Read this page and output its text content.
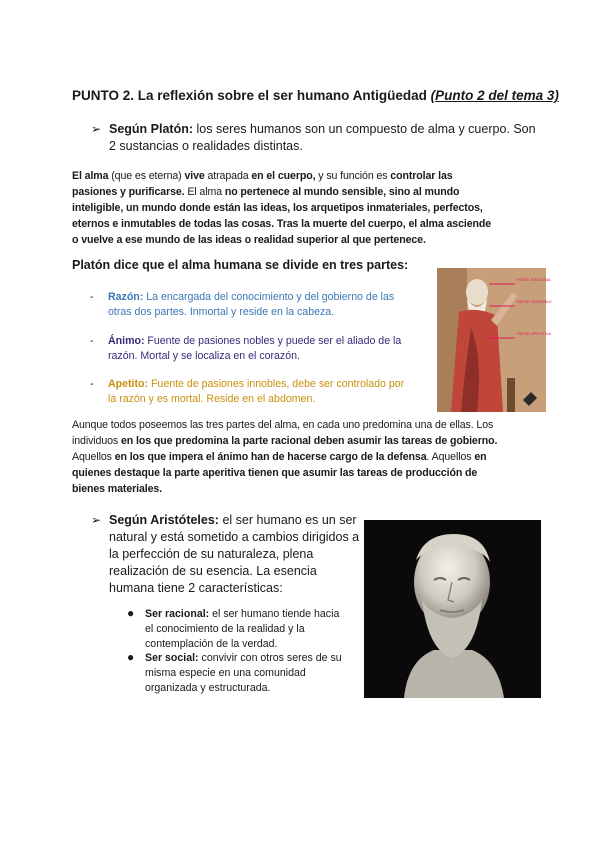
PUNTO 2. La reflexión sobre el ser humano Antigüedad (Punto 2 del tema 3)
➢ Según Platón: los seres humanos son un compuesto de alma y cuerpo. Son
2 sustancias o realidades distintas.
El alma (que es eterna) vive atrapada en el cuerpo, y su función es controlar las
pasiones y purificarse. El alma no pertenece al mundo sensible, sino al mundo
inteligible, un mundo donde están las ideas, los arquetipos inmateriales, perfectos,
eternos e inmutables de todas las cosas. Tras la muerte del cuerpo, el alma asciende
o vuelve a ese mundo de las ideas o realidad superior al que pertenece.
Platón dice que el alma humana se divide en tres partes:
- Razón: La encargada del conocimiento y del gobierno de las
otras dos partes. Inmortal y reside en la cabeza.
- Ánimo: Fuente de pasiones nobles y puede ser el aliado de la
razón. Mortal y se localiza en el corazón.
- Apetito: Fuente de pasiones innobles, debe ser controlado por
la razón y es mortal. Reside en el abdomen.
PARTE RACIONAL
PARTE IRASCIBLE
PARTE APETITIVA
Aunque todos poseemos las tres partes del alma, en cada uno predomina una de ellas. Los
individuos en los que predomina la parte racional deben asumir las tareas de gobierno.
Aquellos en los que impera el ánimo han de hacerse cargo de la defensa. Aquellos en
quienes destaque la parte aperitiva tienen que asumir las tareas de producción de
bienes materiales.
➢ Según Aristóteles: el ser humano es un ser
natural y está sometido a cambios dirigidos a
la perfección de su naturaleza, plena
realización de su esencia. La esencia
humana tiene 2 características:
● Ser racional: el ser humano tiende hacia
el conocimiento de la realidad y la
contemplación de la verdad.
● Ser social: convivir con otros seres de su
misma especie en una comunidad
organizada y estructurada.
